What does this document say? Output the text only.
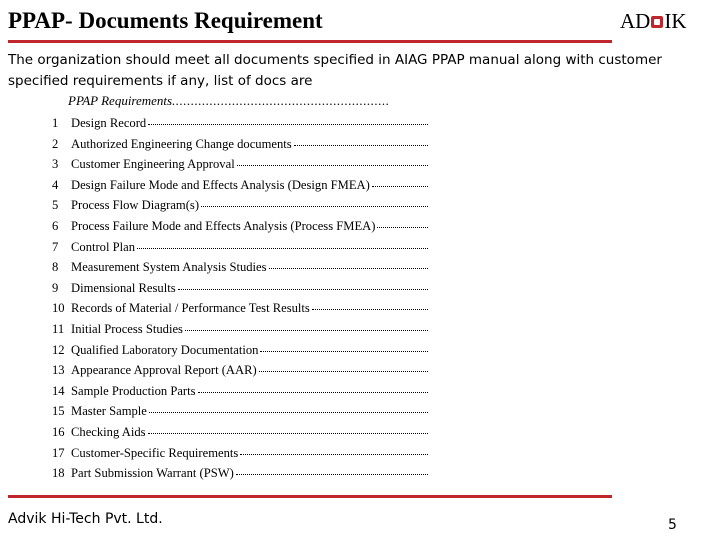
PPAP- Documents Requirement	AD IK
The organization should meet all documents specified in AIAG PPAP manual along with customer specified requirements if any, list of docs are
PPAP Requirements..........................................................
1	Design Record
2	Authorized Engineering Change documents
3	Customer Engineering Approval
4	Design Failure Mode and Effects Analysis (Design FMEA)
5	Process Flow Diagram(s)
6	Process Failure Mode and Effects Analysis (Process FMEA)
7	Control Plan
8	Measurement System Analysis Studies
9	Dimensional Results
10 Records of Material / Performance Test Results
11 Initial Process Studies
12 Qualified Laboratory Documentation
13 Appearance Approval Report (AAR)
14 Sample Production Parts
15 Master Sample
16 Checking Aids
17 Customer-Specific Requirements
18 Part Submission Warrant (PSW)
Advik Hi-Tech Pvt. Ltd.	5
